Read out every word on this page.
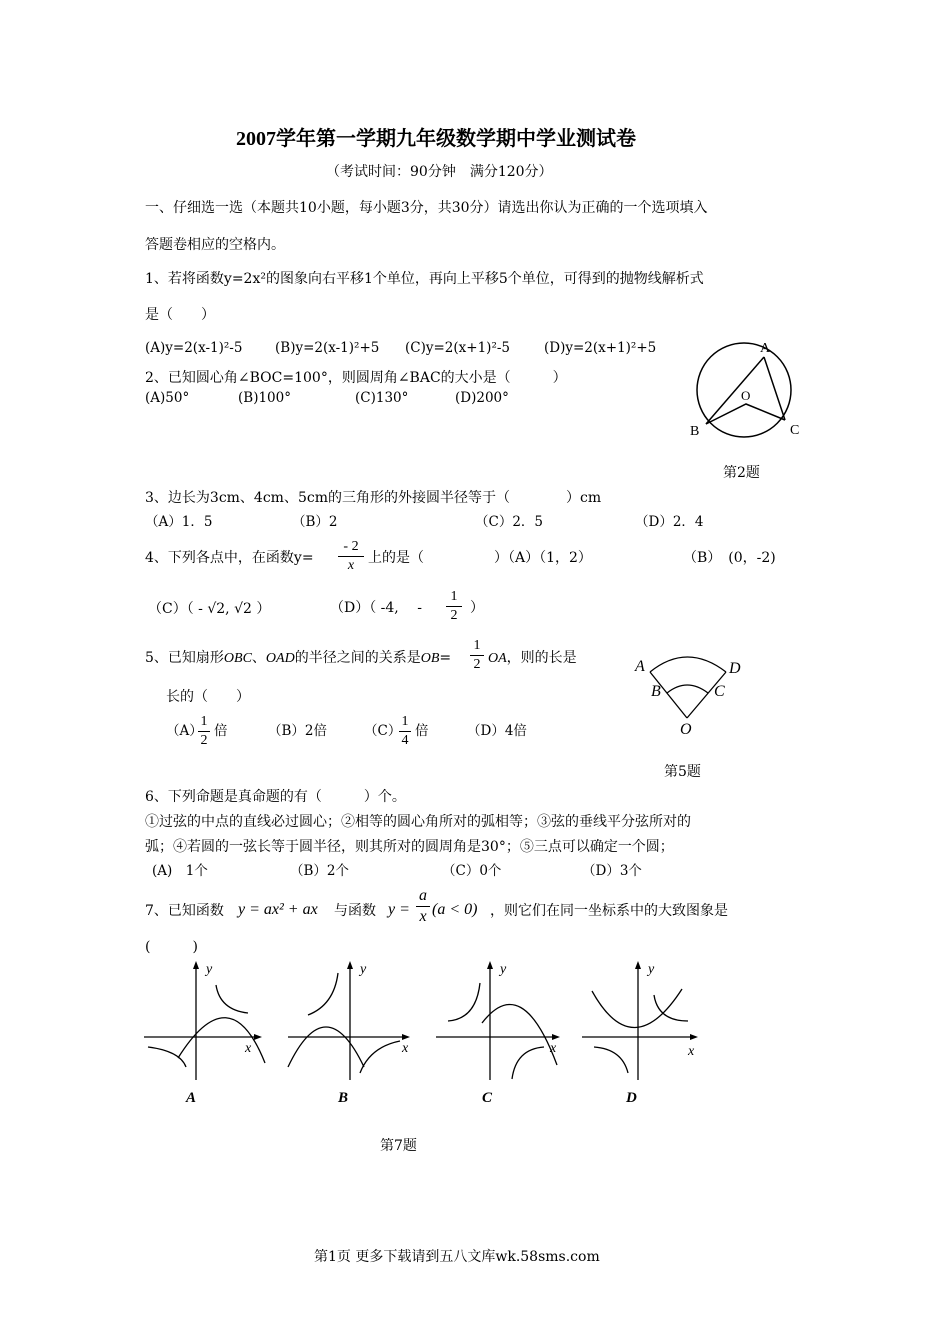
2007学年第一学期九年级数学期中学业测试卷
（考试时间：90分钟　满分120分）
一、仔细选一选（本题共10小题，每小题3分，共30分）请选出你认为正确的一个选项填入
答题卷相应的空格内。
1、若将函数y=2x²的图象向右平移1个单位，再向上平移5个单位，可得到的抛物线解析式
是（　　）
(A)y=2(x-1)²-5 (B)y=2(x-1)²+5 (C)y=2(x+1)²-5	(D)y=2(x+1)²+5
2、已知圆心角∠BOC=100°，则圆周角∠BAC的大小是（　　　）
(A)50°	(B)100°	(C)130°	(D)200°
A
O
B	C
第2题
3、边长为3cm、4cm、5cm的三角形的外接圆半径等于（　　　　）cm
（A）1．5	（B）2	（C）2．5	（D）2．4
4、下列各点中，在函数y=
- 2
x 上的是（　　　　　）（A）（1，2）	（B）　(0，-2)
（C）（ - √2, √2 ）	（D）（ -4,　 -
1
2 ）
5、已知扇形OBC、OAD的半径之间的关系是OB=
1
2 OA，则的长是
长的（　　）
（A）
1
2
倍	（B）2倍	（C）
1
4
倍	（D）4倍
A	D
B	C
O
第5题
6、下列命题是真命题的有（　　　）个。
①过弦的中点的直线必过圆心；②相等的圆心角所对的弧相等；③弦的垂线平分弦所对的
弧；④若圆的一弦长等于圆半径，则其所对的圆周角是30°；⑤三点可以确定一个圆；
(A)　1个	（B）2个	（C）0个	（D）3个
7、已知函数 y = ax² + ax 与函数 y =
a
x (a < 0) ，则它们在同一坐标系中的大致图象是
(　　　)
y
x
A
y
x
B
y
x
C
y
x
D
第7题
第1页 更多下载请到五八文库wk.58sms.com
